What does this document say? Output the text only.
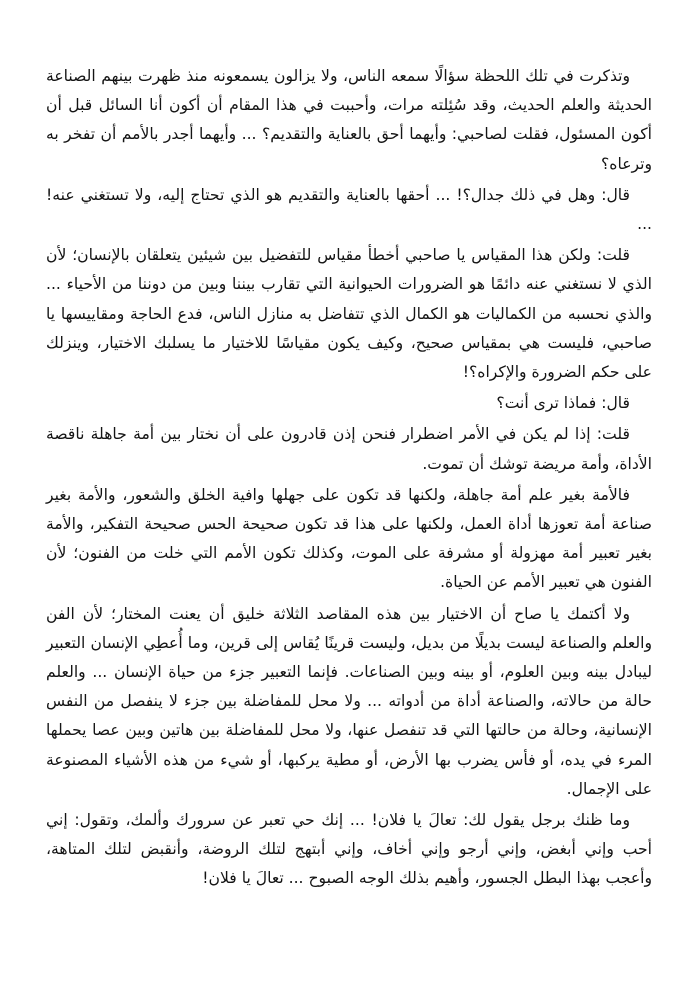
وتذكرت في تلك اللحظة سؤالًا سمعه الناس، ولا يزالون يسمعونه منذ ظهرت بينهم الصناعة الحديثة والعلم الحديث، وقد سُئِلته مرات، وأحببت في هذا المقام أن أكون أنا السائل قبل أن أكون المسئول، فقلت لصاحبي: وأيهما أحق بالعناية والتقديم؟ ... وأيهما أجدر بالأمم أن تفخر به وترعاه؟

قال: وهل في ذلك جدال؟! ... أحقها بالعناية والتقديم هو الذي تحتاج إليه، ولا تستغني عنه! ...

قلت: ولكن هذا المقياس يا صاحبي أخطأ مقياس للتفضيل بين شيئين يتعلقان بالإنسان؛ لأن الذي لا نستغني عنه دائمًا هو الضرورات الحيوانية التي تقارب بيننا وبين من دوننا من الأحياء ... والذي نحسبه من الكماليات هو الكمال الذي تتفاضل به منازل الناس، فدع الحاجة ومقاييسها يا صاحبي، فليست هي بمقياس صحيح، وكيف يكون مقياسًا للاختيار ما يسلبك الاختيار، وينزلك على حكم الضرورة والإكراه؟!

قال: فماذا ترى أنت؟

قلت: إذا لم يكن في الأمر اضطرار فنحن إذن قادرون على أن نختار بين أمة جاهلة ناقصة الأداة، وأمة مريضة توشك أن تموت.

فالأمة بغير علم أمة جاهلة، ولكنها قد تكون على جهلها وافية الخلق والشعور، والأمة بغير صناعة أمة تعوزها أداة العمل، ولكنها على هذا قد تكون صحيحة الحس صحيحة التفكير، والأمة بغير تعبير أمة مهزولة أو مشرفة على الموت، وكذلك تكون الأمم التي خلت من الفنون؛ لأن الفنون هي تعبير الأمم عن الحياة.

ولا أكتمك يا صاح أن الاختيار بين هذه المقاصد الثلاثة خليق أن يعنت المختار؛ لأن الفن والعلم والصناعة ليست بديلًا من بديل، وليست قرينًا يُقاس إلى قرين، وما أُعطِي الإنسان التعبير ليبادل بينه وبين العلوم، أو بينه وبين الصناعات. فإنما التعبير جزء من حياة الإنسان ... والعلم حالة من حالاته، والصناعة أداة من أدواته ... ولا محل للمفاضلة بين جزء لا ينفصل من النفس الإنسانية، وحالة من حالتها التي قد تنفصل عنها، ولا محل للمفاضلة بين هاتين وبين عصا يحملها المرء في يده، أو فأس يضرب بها الأرض، أو مطية يركبها، أو شيء من هذه الأشياء المصنوعة على الإجمال.

وما ظنك برجل يقول لك: تعالَ يا فلان! ... إنك حي تعبر عن سرورك وألمك، وتقول: إني أحب وإني أبغض، وإني أرجو وإني أخاف، وإني أبتهج لتلك الروضة، وأنقبض لتلك المتاهة، وأعجب بهذا البطل الجسور، وأهيم بذلك الوجه الصبوح ... تعالَ يا فلان!
